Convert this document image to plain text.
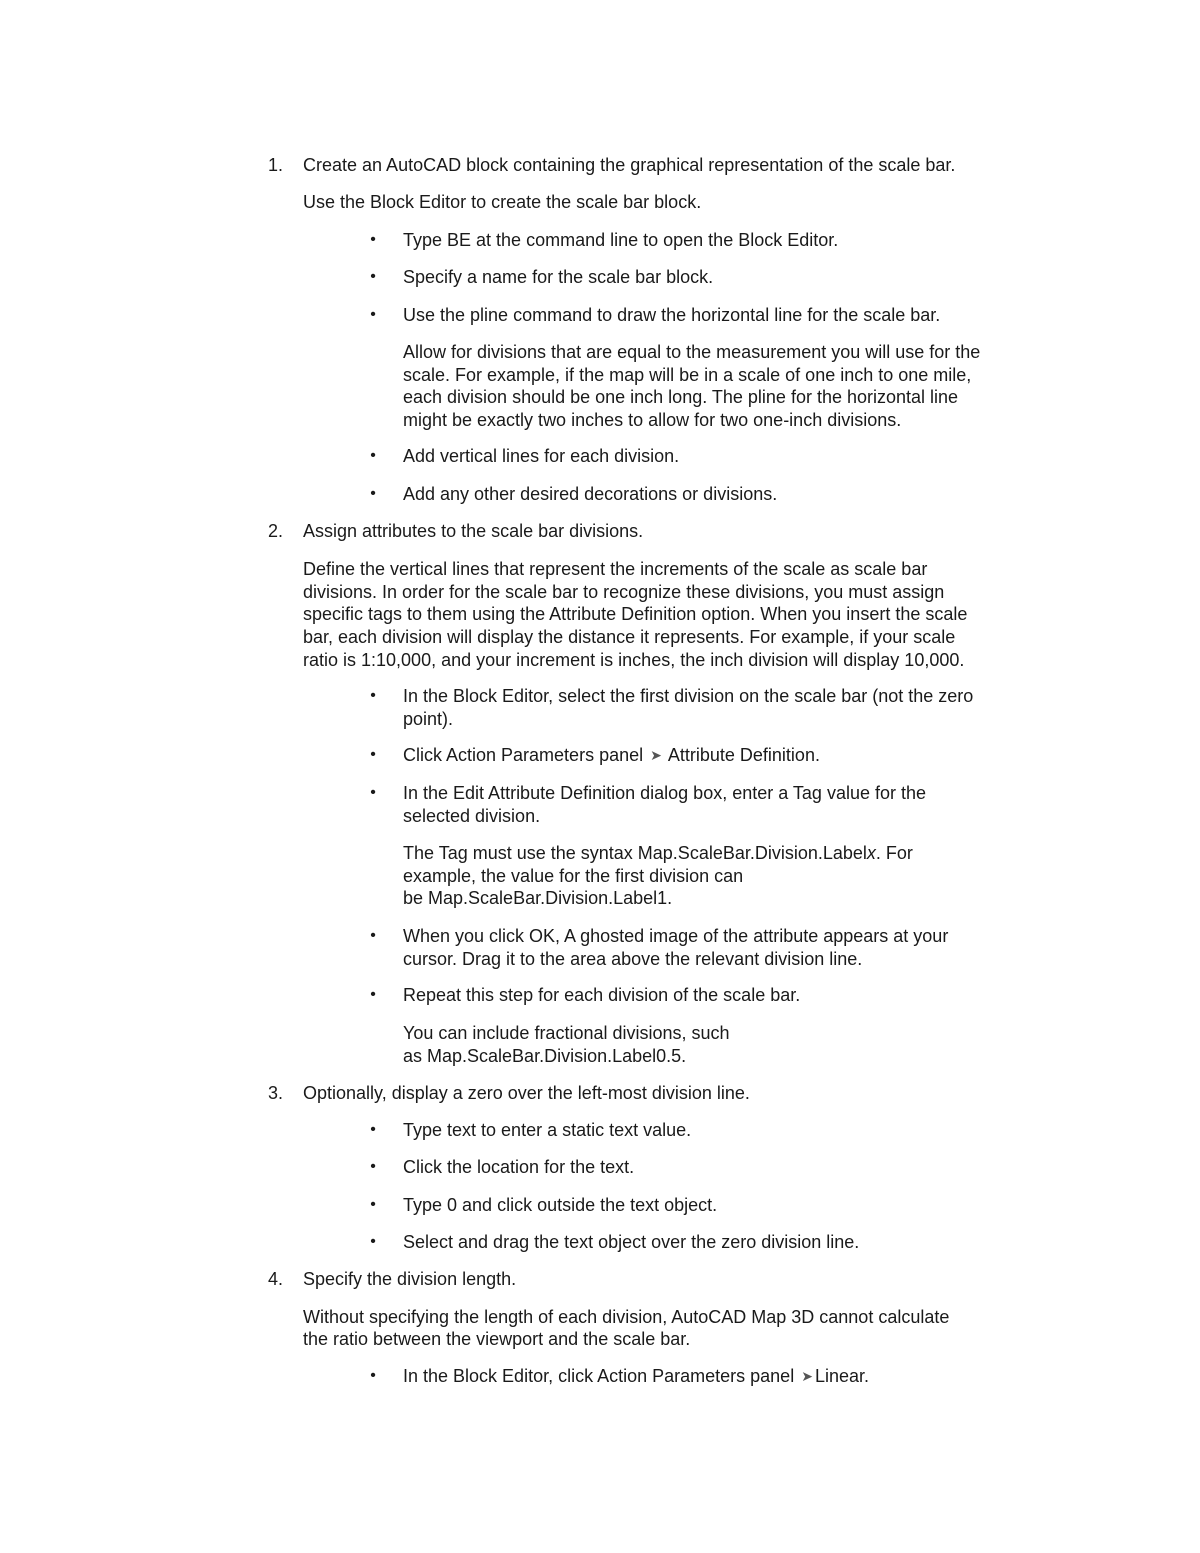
1.	Create an AutoCAD block containing the graphical representation of the scale bar.
Use the Block Editor to create the scale bar block.
• Type BE at the command line to open the Block Editor.
• Specify a name for the scale bar block.
• Use the pline command to draw the horizontal line for the scale bar.
Allow for divisions that are equal to the measurement you will use for the
scale. For example, if the map will be in a scale of one inch to one mile,
each division should be one inch long. The pline for the horizontal line
might be exactly two inches to allow for two one-inch divisions.
• Add vertical lines for each division.
• Add any other desired decorations or divisions.
2.	Assign attributes to the scale bar divisions.
Define the vertical lines that represent the increments of the scale as scale bar
divisions. In order for the scale bar to recognize these divisions, you must assign
specific tags to them using the Attribute Definition option. When you insert the scale
bar, each division will display the distance it represents. For example, if your scale
ratio is 1:10,000, and your increment is inches, the inch division will display 10,000.
• In the Block Editor, select the first division on the scale bar (not the zero
point).
• Click Action Parameters panel ➤ Attribute Definition.
• In the Edit Attribute Definition dialog box, enter a Tag value for the
selected division.
The Tag must use the syntax Map.ScaleBar.Division.Labelx. For
example, the value for the first division can
be Map.ScaleBar.Division.Label1.
• When you click OK, A ghosted image of the attribute appears at your
cursor. Drag it to the area above the relevant division line.
• Repeat this step for each division of the scale bar.
You can include fractional divisions, such
as Map.ScaleBar.Division.Label0.5.
3.	Optionally, display a zero over the left-most division line.
• Type text to enter a static text value.
• Click the location for the text.
• Type 0 and click outside the text object.
• Select and drag the text object over the zero division line.
4.	Specify the division length.
Without specifying the length of each division, AutoCAD Map 3D cannot calculate
the ratio between the viewport and the scale bar.
• In the Block Editor, click Action Parameters panel ➤ Linear.
